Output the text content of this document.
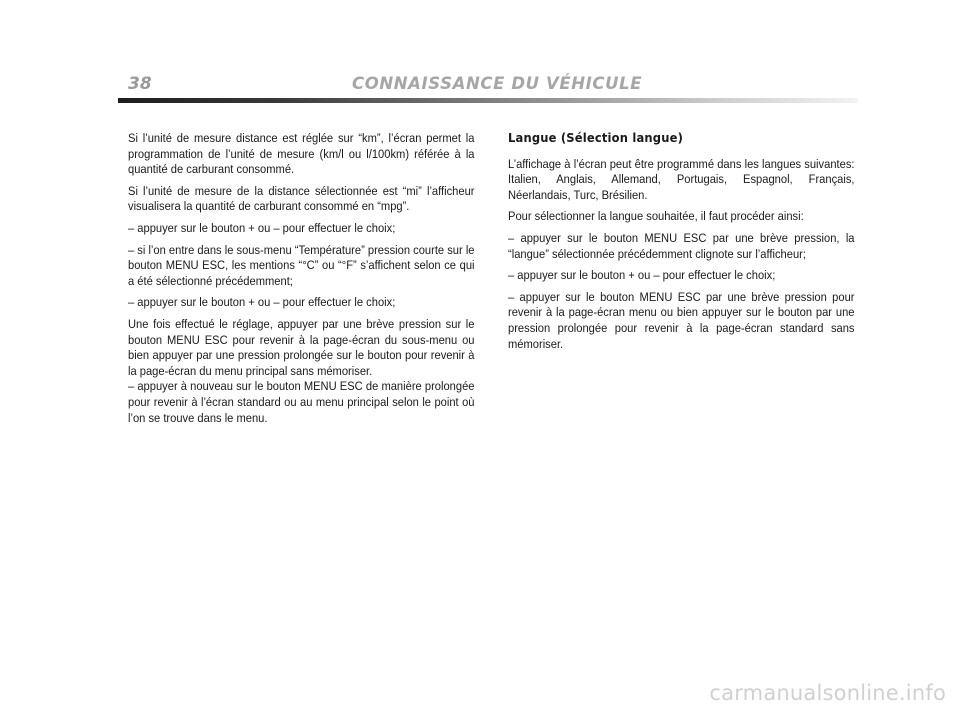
38	CONNAISSANCE DU VÉHICULE

Si l’unité de mesure distance est réglée sur “km”, l’écran permet la programmation de l’unité de mesure (km/l ou l/100km) référée à la quantité de carburant consommé.

Si l’unité de mesure de la distance sélectionnée est “mi” l’afficheur visualisera la quantité de carburant consommé en “mpg”.

– appuyer sur le bouton + ou – pour effectuer le choix;

– si l’on entre dans le sous-menu “Température” pression courte sur le bouton MENU ESC, les mentions “°C” ou “°F” s’affichent selon ce qui a été sélectionné précédemment;

– appuyer sur le bouton + ou – pour effectuer le choix;

Une fois effectué le réglage, appuyer par une brève pression sur le bouton MENU ESC pour revenir à la page-écran du sous-menu ou bien appuyer par une pression prolongée sur le bouton pour revenir à la page-écran du menu principal sans mémoriser.

– appuyer à nouveau sur le bouton MENU ESC de manière prolongée pour revenir à l’écran standard ou au menu principal selon le point où l’on se trouve dans le menu.

Langue (Sélection langue)

L’affichage à l’écran peut être programmé dans les langues suivantes: Italien, Anglais, Allemand, Portugais, Espagnol, Français, Néerlandais, Turc, Brésilien.

Pour sélectionner la langue souhaitée, il faut procéder ainsi:

– appuyer sur le bouton MENU ESC par une brève pression, la “langue” sélectionnée précédemment clignote sur l’afficheur;

– appuyer sur le bouton + ou – pour effectuer le choix;

– appuyer sur le bouton MENU ESC par une brève pression pour revenir à la page-écran menu ou bien appuyer sur le bouton par une pression prolongée pour revenir à la page-écran standard sans mémoriser.

carmanualsonline.info
